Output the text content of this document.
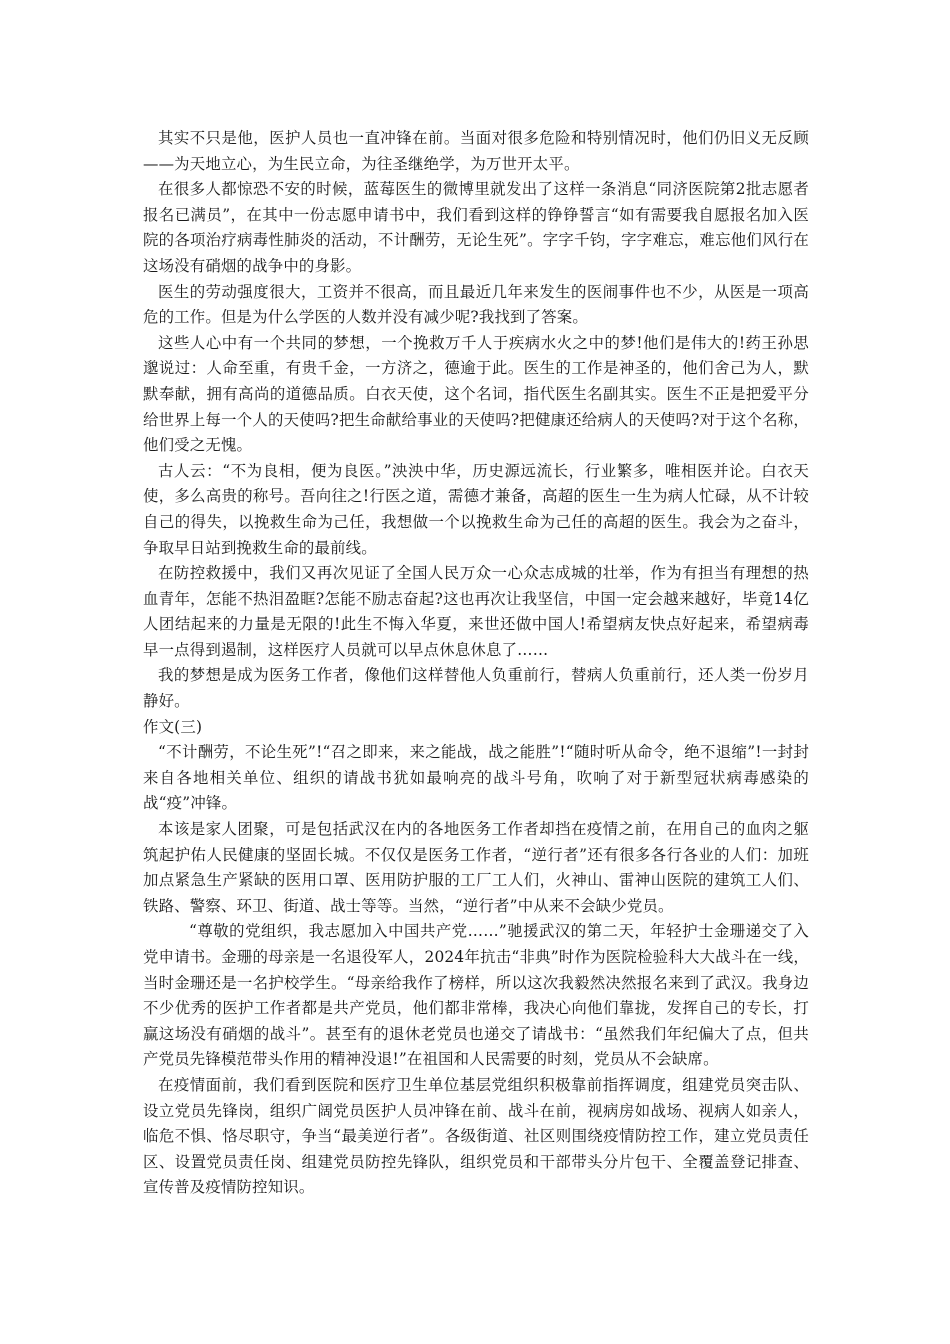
其实不只是他，医护人员也一直冲锋在前。当面对很多危险和特别情况时，他们仍旧义无反顾——为天地立心，为生民立命，为往圣继绝学，为万世开太平。

在很多人都惊恐不安的时候，蓝莓医生的微博里就发出了这样一条消息“同济医院第2批志愿者报名已满员”，在其中一份志愿申请书中，我们看到这样的铮铮誓言“如有需要我自愿报名加入医院的各项治疗病毒性肺炎的活动，不计酬劳，无论生死”。字字千钧，字字难忘，难忘他们风行在这场没有硝烟的战争中的身影。

医生的劳动强度很大，工资并不很高，而且最近几年来发生的医闹事件也不少，从医是一项高危的工作。但是为什么学医的人数并没有减少呢?我找到了答案。

这些人心中有一个共同的梦想，一个挽救万千人于疾病水火之中的梦!他们是伟大的!药王孙思邈说过：人命至重，有贵千金，一方济之，德逾于此。医生的工作是神圣的，他们舍己为人，默默奉献，拥有高尚的道德品质。白衣天使，这个名词，指代医生名副其实。医生不正是把爱平分给世界上每一个人的天使吗?把生命献给事业的天使吗?把健康还给病人的天使吗?对于这个名称，他们受之无愧。

古人云：“不为良相，便为良医。”泱泱中华，历史源远流长，行业繁多，唯相医并论。白衣天使，多么高贵的称号。吾向往之!行医之道，需德才兼备，高超的医生一生为病人忙碌，从不计较自己的得失，以挽救生命为己任，我想做一个以挽救生命为己任的高超的医生。我会为之奋斗，争取早日站到挽救生命的最前线。

在防控救援中，我们又再次见证了全国人民万众一心众志成城的壮举，作为有担当有理想的热血青年，怎能不热泪盈眶?怎能不励志奋起?这也再次让我坚信，中国一定会越来越好，毕竟14亿人团结起来的力量是无限的!此生不悔入华夏，来世还做中国人!希望病友快点好起来，希望病毒早一点得到遏制，这样医疗人员就可以早点休息休息了……

我的梦想是成为医务工作者，像他们这样替他人负重前行，替病人负重前行，还人类一份岁月静好。

作文(三)

“不计酬劳，不论生死”!“召之即来，来之能战，战之能胜”!“随时听从命令，绝不退缩”!一封封来自各地相关单位、组织的请战书犹如最响亮的战斗号角，吹响了对于新型冠状病毒感染的战“疫”冲锋。

本该是家人团聚，可是包括武汉在内的各地医务工作者却挡在疫情之前，在用自己的血肉之躯筑起护佑人民健康的坚固长城。不仅仅是医务工作者，“逆行者”还有很多各行各业的人们：加班加点紧急生产紧缺的医用口罩、医用防护服的工厂工人们，火神山、雷神山医院的建筑工人们、铁路、警察、环卫、街道、战士等等。当然，“逆行者”中从来不会缺少党员。

“尊敬的党组织，我志愿加入中国共产党……”驰援武汉的第二天，年轻护士金珊递交了入党申请书。金珊的母亲是一名退役军人，2024年抗击“非典”时作为医院检验科大大战斗在一线，当时金珊还是一名护校学生。“母亲给我作了榜样，所以这次我毅然决然报名来到了武汉。我身边不少优秀的医护工作者都是共产党员，他们都非常棒，我决心向他们靠拢，发挥自己的专长，打赢这场没有硝烟的战斗”。甚至有的退休老党员也递交了请战书：“虽然我们年纪偏大了点，但共产党员先锋模范带头作用的精神没退!”在祖国和人民需要的时刻，党员从不会缺席。

在疫情面前，我们看到医院和医疗卫生单位基层党组织积极靠前指挥调度，组建党员突击队、设立党员先锋岗，组织广阔党员医护人员冲锋在前、战斗在前，视病房如战场、视病人如亲人，临危不惧、恪尽职守，争当“最美逆行者”。各级街道、社区则围绕疫情防控工作，建立党员责任区、设置党员责任岗、组建党员防控先锋队，组织党员和干部带头分片包干、全覆盖登记排查、宣传普及疫情防控知识。
